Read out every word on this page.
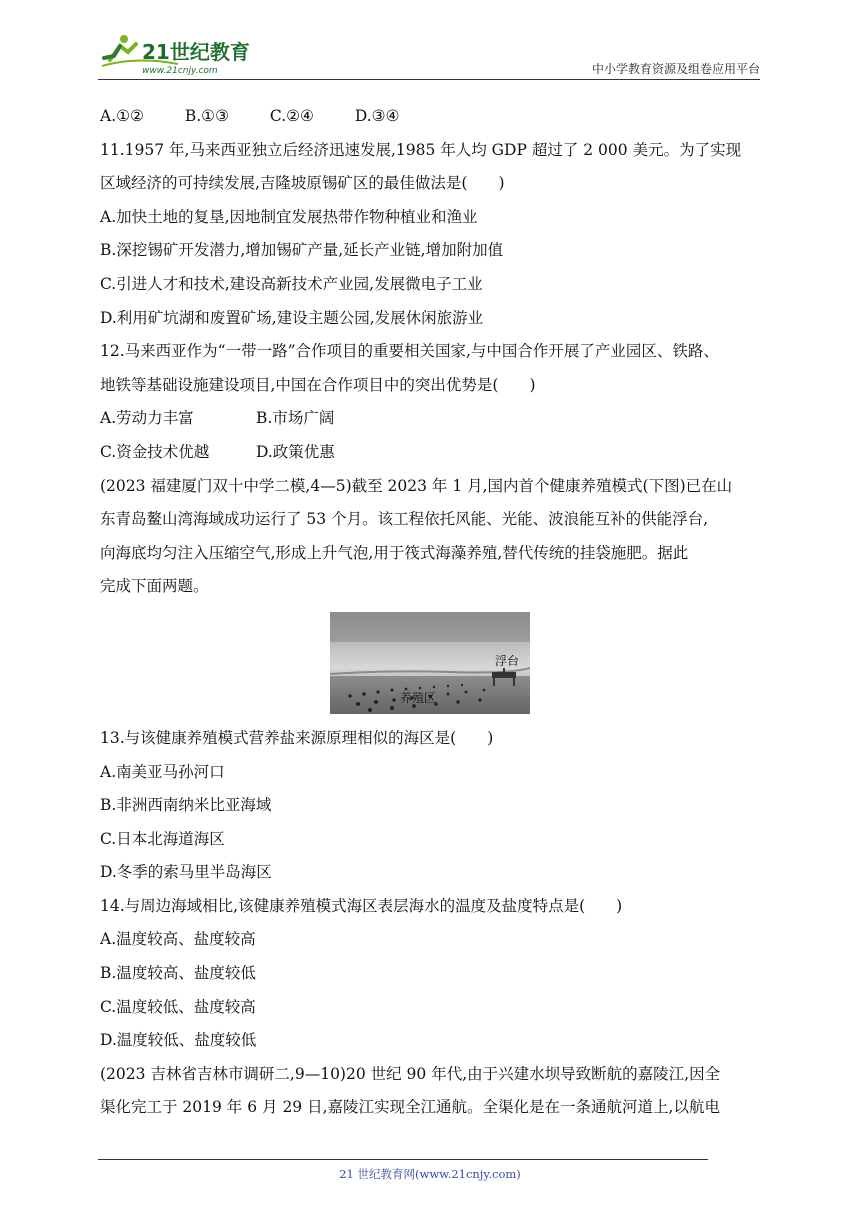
21世纪教育
www.21cnjy.com	中小学教育资源及组卷应用平台
A.①②	B.①③	C.②④	D.③④
11.1957 年,马来西亚独立后经济迅速发展,1985 年人均 GDP 超过了 2 000 美元。为了实现
区域经济的可持续发展,吉隆坡原锡矿区的最佳做法是(　　)
A.加快土地的复垦,因地制宜发展热带作物种植业和渔业
B.深挖锡矿开发潜力,增加锡矿产量,延长产业链,增加附加值
C.引进人才和技术,建设高新技术产业园,发展微电子工业
D.利用矿坑湖和废置矿场,建设主题公园,发展休闲旅游业
12.马来西亚作为“一带一路”合作项目的重要相关国家,与中国合作开展了产业园区、铁路、
地铁等基础设施建设项目,中国在合作项目中的突出优势是(　　)
A.劳动力丰富	B.市场广阔
C.资金技术优越	D.政策优惠
(2023 福建厦门双十中学二模,4—5)截至 2023 年 1 月,国内首个健康养殖模式(下图)已在山
东青岛鳌山湾海域成功运行了 53 个月。该工程依托风能、光能、波浪能互补的供能浮台,
向海底均匀注入压缩空气,形成上升气泡,用于筏式海藻养殖,替代传统的挂袋施肥。据此
完成下面两题。
浮台
养殖区
13.与该健康养殖模式营养盐来源原理相似的海区是(　　)
A.南美亚马孙河口
B.非洲西南纳米比亚海域
C.日本北海道海区
D.冬季的索马里半岛海区
14.与周边海域相比,该健康养殖模式海区表层海水的温度及盐度特点是(　　)
A.温度较高、盐度较高
B.温度较高、盐度较低
C.温度较低、盐度较高
D.温度较低、盐度较低
(2023 吉林省吉林市调研二,9—10)20 世纪 90 年代,由于兴建水坝导致断航的嘉陵江,因全
渠化完工于 2019 年 6 月 29 日,嘉陵江实现全江通航。全渠化是在一条通航河道上,以航电
21 世纪教育网(www.21cnjy.com)
